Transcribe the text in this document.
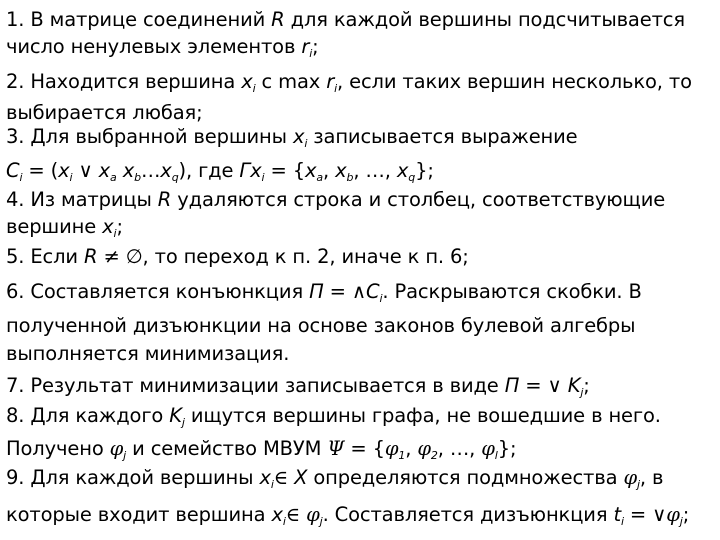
1. В матрице соединений R для каждой вершины подсчитывается
число ненулевых элементов $r_i$;
2. Находится вершина $x_i$ с $\max r_i$, если таких вершин несколько, то
выбирается любая;
3. Для выбранной вершины $x_i$ записывается выражение
$C_i = (x_i$ ∨ $x_a$ $x_b\dots x_q$), где $Гx_i = \{x_a$, $x_b$, …, $x_q$};
4. Из матрицы R удаляются строка и столбец, соответствующие
вершине $x_i$;
5. Если R ≠ ∅, то переход к п. 2, иначе к п. 6;
6. Составляется конъюнкция $П = \wedge C_i$. Раскрываются скобки. В
полученной дизъюнкции на основе законов булевой алгебры
выполняется минимизация.
7. Результат минимизации записывается в виде П = ∨ $K_j$;
8. Для каждого $K_j$ ищутся вершины графа, не вошедшие в него.
Получено $\varphi_j$ и семейство МВУМ $\Psi = \{\varphi_1$, $\varphi_2$, …, $\varphi_l$};
9. Для каждой вершины $x_i\in$ X определяются подмножества $\varphi_j$, в
которые входит вершина $x_i\in$ $\varphi_j$. Составляется дизъюнкция $t_i$ = $\vee\varphi_j$;
